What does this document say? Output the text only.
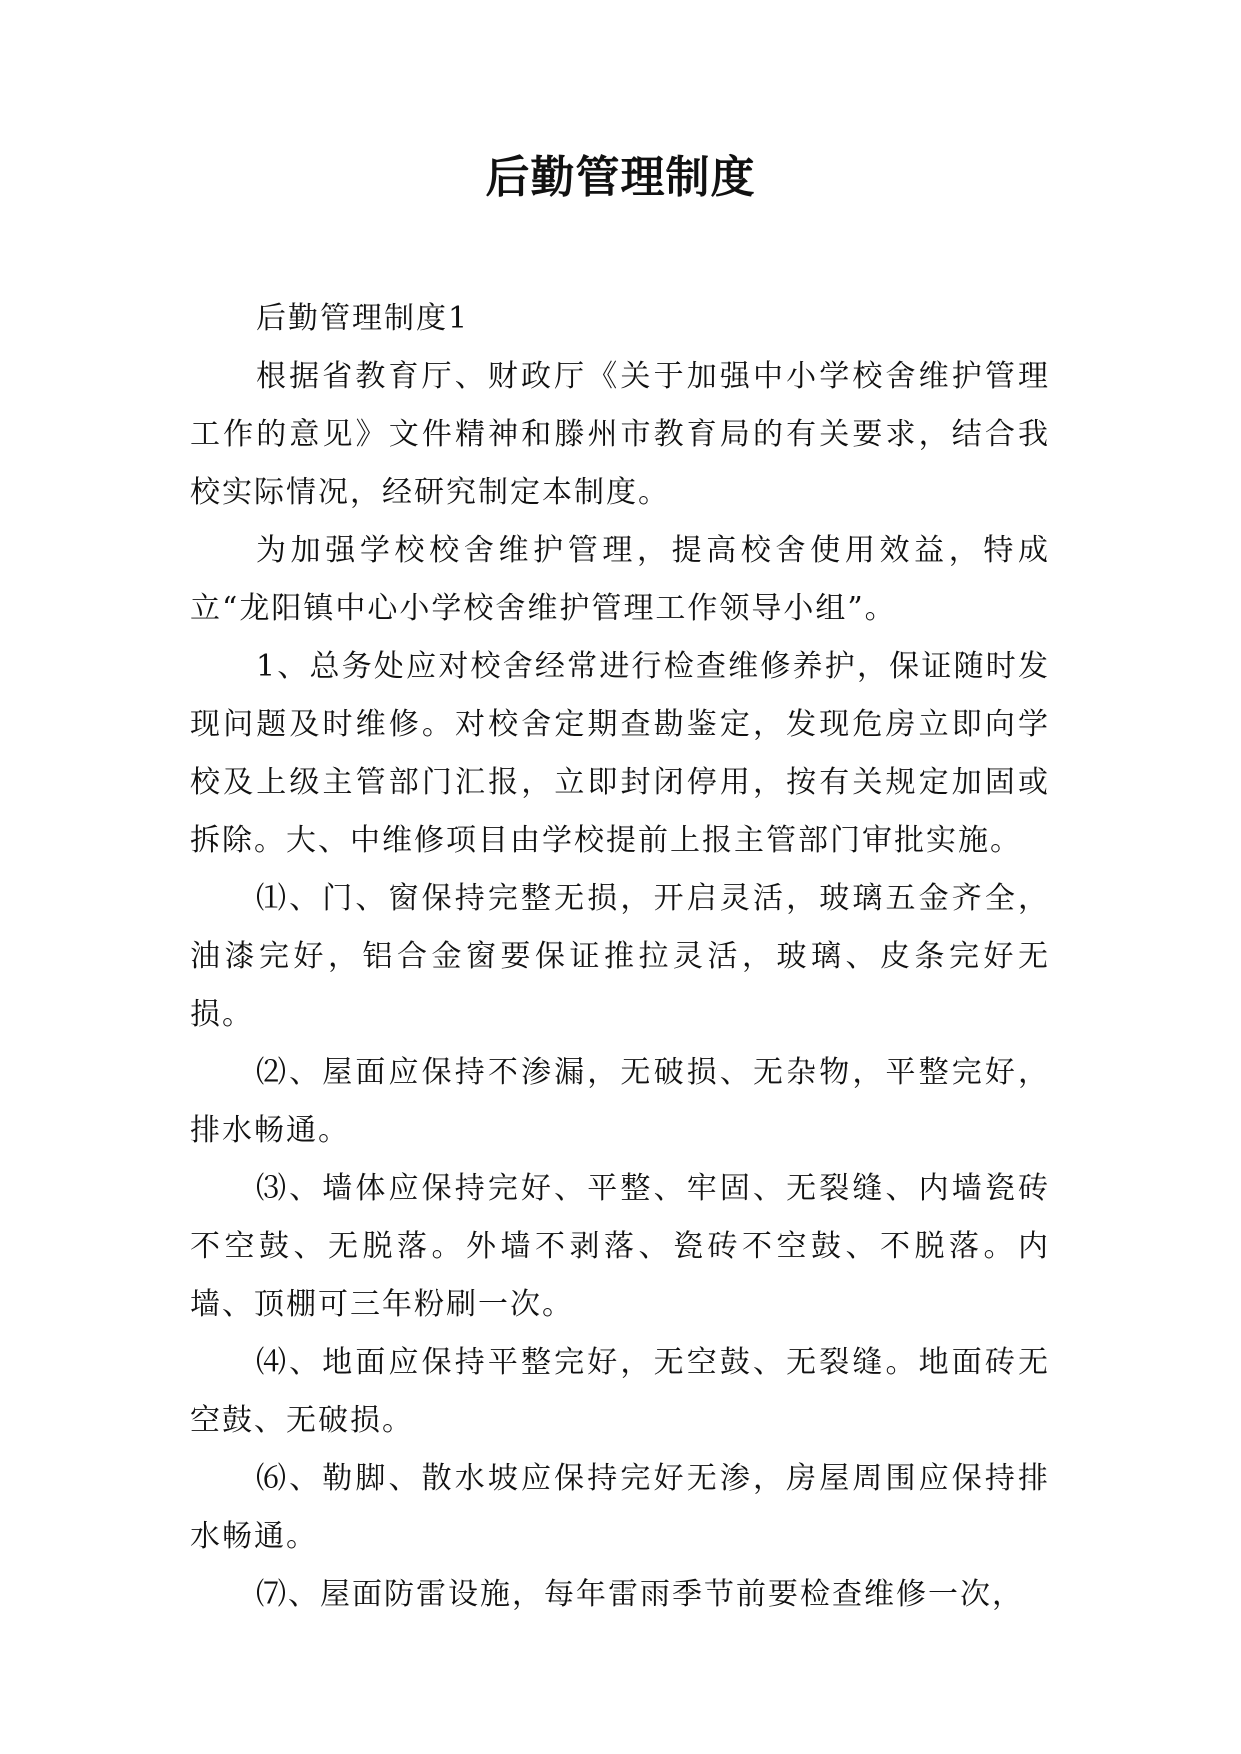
后勤管理制度

后勤管理制度1

根据省教育厅、财政厅《关于加强中小学校舍维护管理工作的意见》文件精神和滕州市教育局的有关要求，结合我校实际情况，经研究制定本制度。

为加强学校校舍维护管理，提高校舍使用效益，特成立“龙阳镇中心小学校舍维护管理工作领导小组”。

1、总务处应对校舍经常进行检查维修养护，保证随时发现问题及时维修。对校舍定期查勘鉴定，发现危房立即向学校及上级主管部门汇报，立即封闭停用，按有关规定加固或拆除。大、中维修项目由学校提前上报主管部门审批实施。

⑴、门、窗保持完整无损，开启灵活，玻璃五金齐全，油漆完好，铝合金窗要保证推拉灵活，玻璃、皮条完好无损。

⑵、屋面应保持不渗漏，无破损、无杂物，平整完好，排水畅通。

⑶、墙体应保持完好、平整、牢固、无裂缝、内墙瓷砖不空鼓、无脱落。外墙不剥落、瓷砖不空鼓、不脱落。内墙、顶棚可三年粉刷一次。

⑷、地面应保持平整完好，无空鼓、无裂缝。地面砖无空鼓、无破损。

⑹、勒脚、散水坡应保持完好无渗，房屋周围应保持排水畅通。

⑺、屋面防雷设施，每年雷雨季节前要检查维修一次，
